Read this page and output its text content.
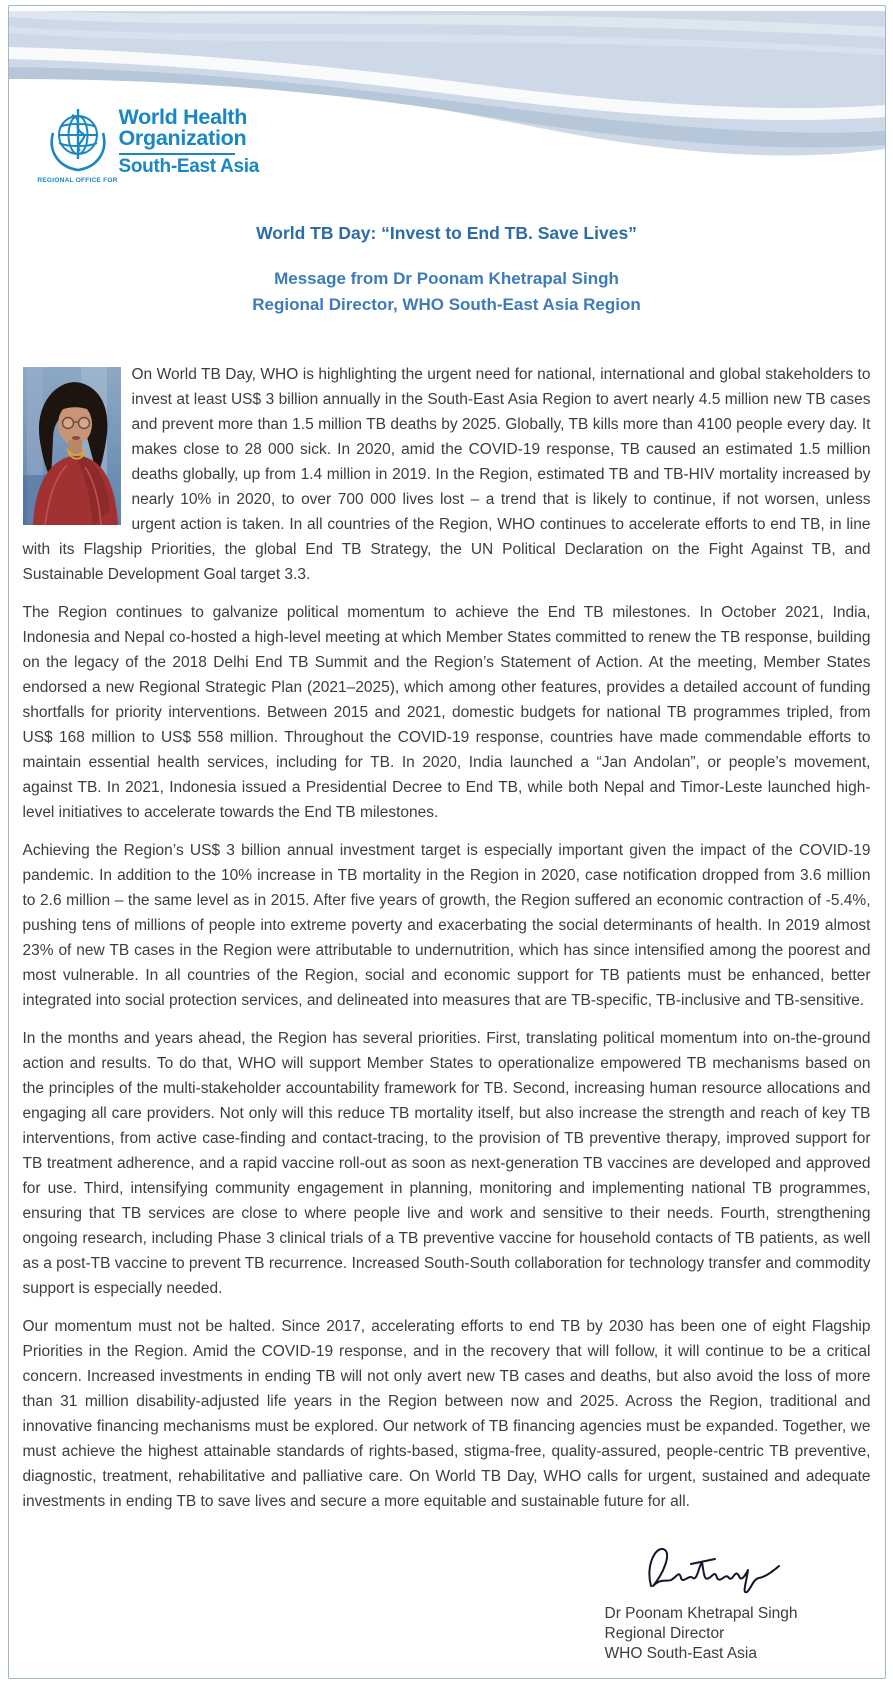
REGIONAL OFFICE FOR
World Health
Organization
South-East Asia
World TB Day: “Invest to End TB. Save Lives”
Message from Dr Poonam Khetrapal Singh
Regional Director, WHO South-East Asia Region

On World TB Day, WHO is highlighting the urgent need for national, international and global stakeholders to invest at least US$ 3 billion annually in the South-East Asia Region to avert nearly 4.5 million new TB cases and prevent more than 1.5 million TB deaths by 2025. Globally, TB kills more than 4100 people every day. It makes close to 28 000 sick. In 2020, amid the COVID-19 response, TB caused an estimated 1.5 million deaths globally, up from 1.4 million in 2019. In the Region, estimated TB and TB-HIV mortality increased by nearly 10% in 2020, to over 700 000 lives lost – a trend that is likely to continue, if not worsen, unless urgent action is taken. In all countries of the Region, WHO continues to accelerate efforts to end TB, in line with its Flagship Priorities, the global End TB Strategy, the UN Political Declaration on the Fight Against TB, and Sustainable Development Goal target 3.3.

The Region continues to galvanize political momentum to achieve the End TB milestones. In October 2021, India, Indonesia and Nepal co-hosted a high-level meeting at which Member States committed to renew the TB response, building on the legacy of the 2018 Delhi End TB Summit and the Region’s Statement of Action. At the meeting, Member States endorsed a new Regional Strategic Plan (2021–2025), which among other features, provides a detailed account of funding shortfalls for priority interventions. Between 2015 and 2021, domestic budgets for national TB programmes tripled, from US$ 168 million to US$ 558 million. Throughout the COVID-19 response, countries have made commendable efforts to maintain essential health services, including for TB. In 2020, India launched a “Jan Andolan”, or people’s movement, against TB. In 2021, Indonesia issued a Presidential Decree to End TB, while both Nepal and Timor-Leste launched high-level initiatives to accelerate towards the End TB milestones.

Achieving the Region’s US$ 3 billion annual investment target is especially important given the impact of the COVID-19 pandemic. In addition to the 10% increase in TB mortality in the Region in 2020, case notification dropped from 3.6 million to 2.6 million – the same level as in 2015. After five years of growth, the Region suffered an economic contraction of -5.4%, pushing tens of millions of people into extreme poverty and exacerbating the social determinants of health. In 2019 almost 23% of new TB cases in the Region were attributable to undernutrition, which has since intensified among the poorest and most vulnerable. In all countries of the Region, social and economic support for TB patients must be enhanced, better integrated into social protection services, and delineated into measures that are TB-specific, TB-inclusive and TB-sensitive.

In the months and years ahead, the Region has several priorities. First, translating political momentum into on-the-ground action and results. To do that, WHO will support Member States to operationalize empowered TB mechanisms based on the principles of the multi-stakeholder accountability framework for TB. Second, increasing human resource allocations and engaging all care providers. Not only will this reduce TB mortality itself, but also increase the strength and reach of key TB interventions, from active case-finding and contact-tracing, to the provision of TB preventive therapy, improved support for TB treatment adherence, and a rapid vaccine roll-out as soon as next-generation TB vaccines are developed and approved for use. Third, intensifying community engagement in planning, monitoring and implementing national TB programmes, ensuring that TB services are close to where people live and work and sensitive to their needs. Fourth, strengthening ongoing research, including Phase 3 clinical trials of a TB preventive vaccine for household contacts of TB patients, as well as a post-TB vaccine to prevent TB recurrence. Increased South-South collaboration for technology transfer and commodity support is especially needed.

Our momentum must not be halted. Since 2017, accelerating efforts to end TB by 2030 has been one of eight Flagship Priorities in the Region. Amid the COVID-19 response, and in the recovery that will follow, it will continue to be a critical concern. Increased investments in ending TB will not only avert new TB cases and deaths, but also avoid the loss of more than 31 million disability-adjusted life years in the Region between now and 2025. Across the Region, traditional and innovative financing mechanisms must be explored. Our network of TB financing agencies must be expanded. Together, we must achieve the highest attainable standards of rights-based, stigma-free, quality-assured, people-centric TB preventive, diagnostic, treatment, rehabilitative and palliative care. On World TB Day, WHO calls for urgent, sustained and adequate investments in ending TB to save lives and secure a more equitable and sustainable future for all.

Dr Poonam Khetrapal Singh
Regional Director
WHO South-East Asia
